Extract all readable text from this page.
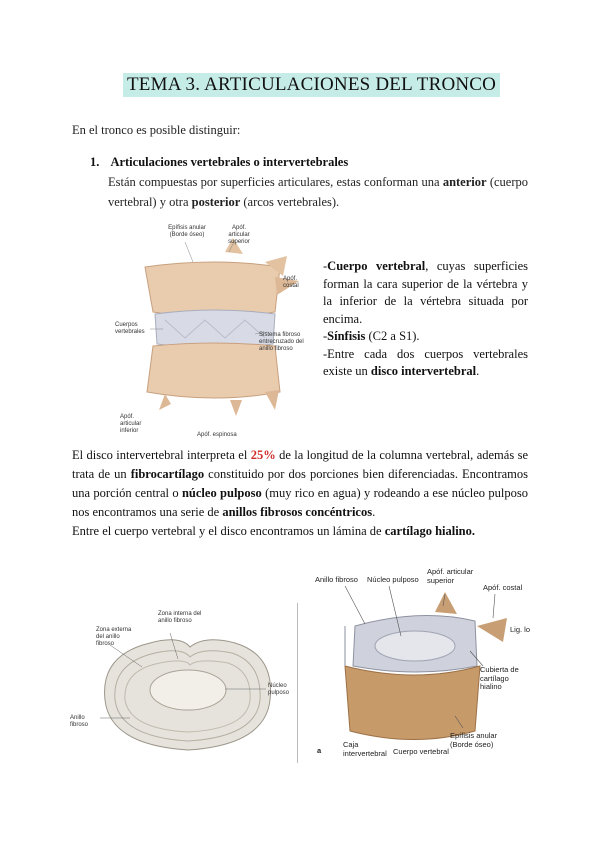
TEMA 3. ARTICULACIONES DEL TRONCO
En el tronco es posible distinguir:
1. Articulaciones vertebrales o intervertebrales
Están compuestas por superficies articulares, estas conforman una anterior (cuerpo vertebral) y otra posterior (arcos vertebrales).
Epífisis anular (Borde óseo)
Apóf. articular superior
Apóf. costal
Cuerpos vertebrales	Sistema fibroso entrecruzado del anillo fibroso
Apóf. articular inferior
Apóf. espinosa
-Cuerpo vertebral, cuyas superficies forman la cara superior de la vértebra y la inferior de la vértebra situada por encima.
-Sínfisis (C2 a S1).
-Entre cada dos cuerpos vertebrales existe un disco intervertebral.
El disco intervertebral interpreta el 25% de la longitud de la columna vertebral, además se trata de un fibrocartílago constituido por dos porciones bien diferenciadas. Encontramos una porción central o núcleo pulposo (muy rico en agua) y rodeando a ese núcleo pulposo nos encontramos una serie de anillos fibrosos concéntricos.
Entre el cuerpo vertebral y el disco encontramos un lámina de cartílago hialino.
Zona interna del anillo fibroso
Zona externa del anillo fibroso
Núcleo pulposo
Anillo fibroso
Anillo fibroso	Núcleo pulposo
Apóf. articular superior
Apóf. costal
Lig. lo
Cubierta de cartílago hialino
Epífisis anular (Borde óseo)
Caja intervertebral Cuerpo vertebral
a
